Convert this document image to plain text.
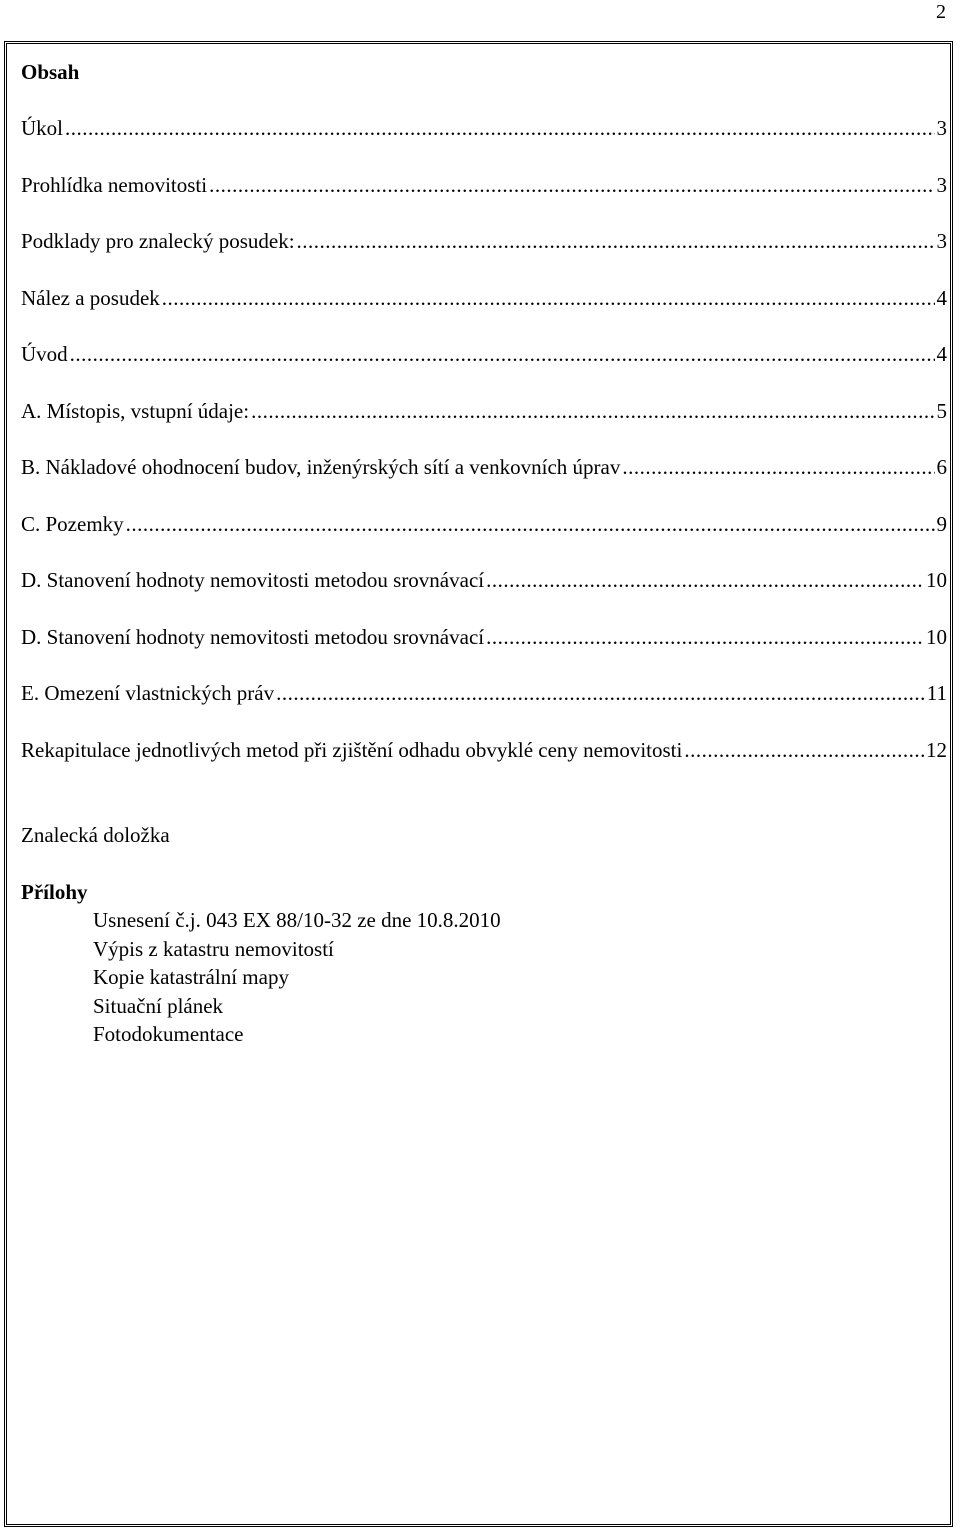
2
Obsah
Úkol .....	3
Prohlídka nemovitosti .....	3
Podklady pro znalecký posudek: .....	3
Nález a posudek .....	4
Úvod .....	4
A. Místopis, vstupní údaje: .....	5
B. Nákladové ohodnocení budov, inženýrských sítí a venkovních úprav .....	6
C. Pozemky .....	9
D. Stanovení hodnoty nemovitosti metodou srovnávací .....	10
D. Stanovení hodnoty nemovitosti metodou srovnávací .....	10
E. Omezení vlastnických práv .....	11
Rekapitulace jednotlivých metod při zjištění odhadu obvyklé ceny nemovitosti .....	12
Znalecká doložka
Přílohy
Usnesení č.j. 043 EX 88/10-32 ze dne 10.8.2010
Výpis z katastru nemovitostí
Kopie katastrální mapy
Situační plánek
Fotodokumentace
